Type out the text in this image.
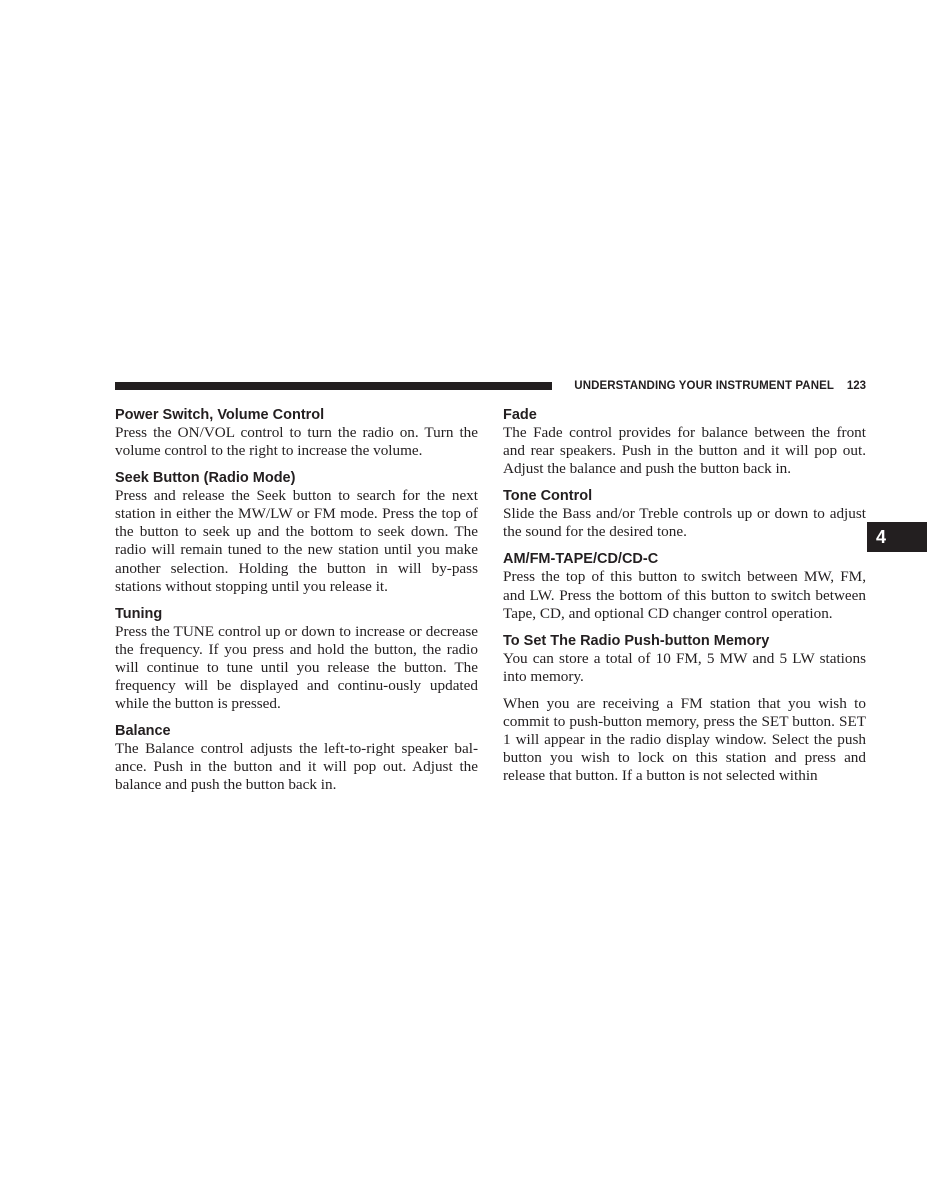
UNDERSTANDING YOUR INSTRUMENT PANEL 123
4
Power Switch, Volume Control

Press the ON/VOL control to turn the radio on. Turn the volume control to the right to increase the volume.

Seek Button (Radio Mode)

Press and release the Seek button to search for the next station in either the MW/LW or FM mode. Press the top of the button to seek up and the bottom to seek down. The radio will remain tuned to the new station until you make another selection. Holding the button in will by-pass stations without stopping until you release it.

Tuning

Press the TUNE control up or down to increase or decrease the frequency. If you press and hold the button, the radio will continue to tune until you release the button. The frequency will be displayed and continu-ously updated while the button is pressed.

Balance

The Balance control adjusts the left-to-right speaker bal-ance. Push in the button and it will pop out. Adjust the balance and push the button back in.

Fade

The Fade control provides for balance between the front and rear speakers. Push in the button and it will pop out. Adjust the balance and push the button back in.

Tone Control

Slide the Bass and/or Treble controls up or down to adjust the sound for the desired tone.

AM/FM-TAPE/CD/CD-C

Press the top of this button to switch between MW, FM, and LW. Press the bottom of this button to switch between Tape, CD, and optional CD changer control operation.

To Set The Radio Push-button Memory

You can store a total of 10 FM, 5 MW and 5 LW stations into memory.

When you are receiving a FM station that you wish to commit to push-button memory, press the SET button. SET 1 will appear in the radio display window. Select the push button you wish to lock on this station and press and release that button. If a button is not selected within
